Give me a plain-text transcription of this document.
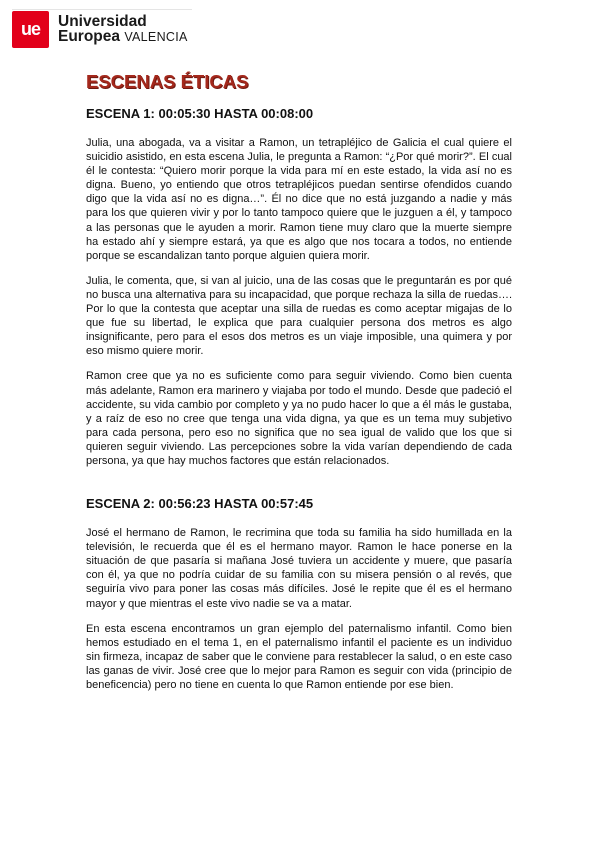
ue	Universidad
Europea VALENCIA
ESCENAS ÉTICAS
ESCENA 1: 00:05:30 HASTA 00:08:00

Julia, una abogada, va a visitar a Ramon, un tetrapléjico de Galicia el cual quiere el suicidio asistido, en esta escena Julia, le pregunta a Ramon: “¿Por qué morir?”. El cual él le contesta: “Quiero morir porque la vida para mí en este estado, la vida así no es digna. Bueno, yo entiendo que otros tetrapléjicos puedan sentirse ofendidos cuando digo que la vida así no es digna…”. Él no dice que no está juzgando a nadie y más para los que quieren vivir y por lo tanto tampoco quiere que le juzguen a él, y tampoco a las personas que le ayuden a morir. Ramon tiene muy claro que la muerte siempre ha estado ahí y siempre estará, ya que es algo que nos tocara a todos, no entiende porque se escandalizan tanto porque alguien quiera morir.

Julia, le comenta, que, si van al juicio, una de las cosas que le preguntarán es por qué no busca una alternativa para su incapacidad, que porque rechaza la silla de ruedas…. Por lo que la contesta que aceptar una silla de ruedas es como aceptar migajas de lo que fue su libertad, le explica que para cualquier persona dos metros es algo insignificante, pero para el esos dos metros es un viaje imposible, una quimera y por eso mismo quiere morir.

Ramon cree que ya no es suficiente como para seguir viviendo. Como bien cuenta más adelante, Ramon era marinero y viajaba por todo el mundo. Desde que padeció el accidente, su vida cambio por completo y ya no pudo hacer lo que a él más le gustaba, y a raíz de eso no cree que tenga una vida digna, ya que es un tema muy subjetivo para cada persona, pero eso no significa que no sea igual de valido que los que si quieren seguir viviendo. Las percepciones sobre la vida varían dependiendo de cada persona, ya que hay muchos factores que están relacionados.

ESCENA 2: 00:56:23 HASTA 00:57:45

José el hermano de Ramon, le recrimina que toda su familia ha sido humillada en la televisión, le recuerda que él es el hermano mayor. Ramon le hace ponerse en la situación de que pasaría si mañana José tuviera un accidente y muere, que pasaría con él, ya que no podría cuidar de su familia con su misera pensión o al revés, que seguiría vivo para poner las cosas más difíciles. José le repite que él es el hermano mayor y que mientras el este vivo nadie se va a matar.

En esta escena encontramos un gran ejemplo del paternalismo infantil. Como bien hemos estudiado en el tema 1, en el paternalismo infantil el paciente es un individuo sin firmeza, incapaz de saber que le conviene para restablecer la salud, o en este caso las ganas de vivir. José cree que lo mejor para Ramon es seguir con vida (principio de beneficencia) pero no tiene en cuenta lo que Ramon entiende por ese bien.
